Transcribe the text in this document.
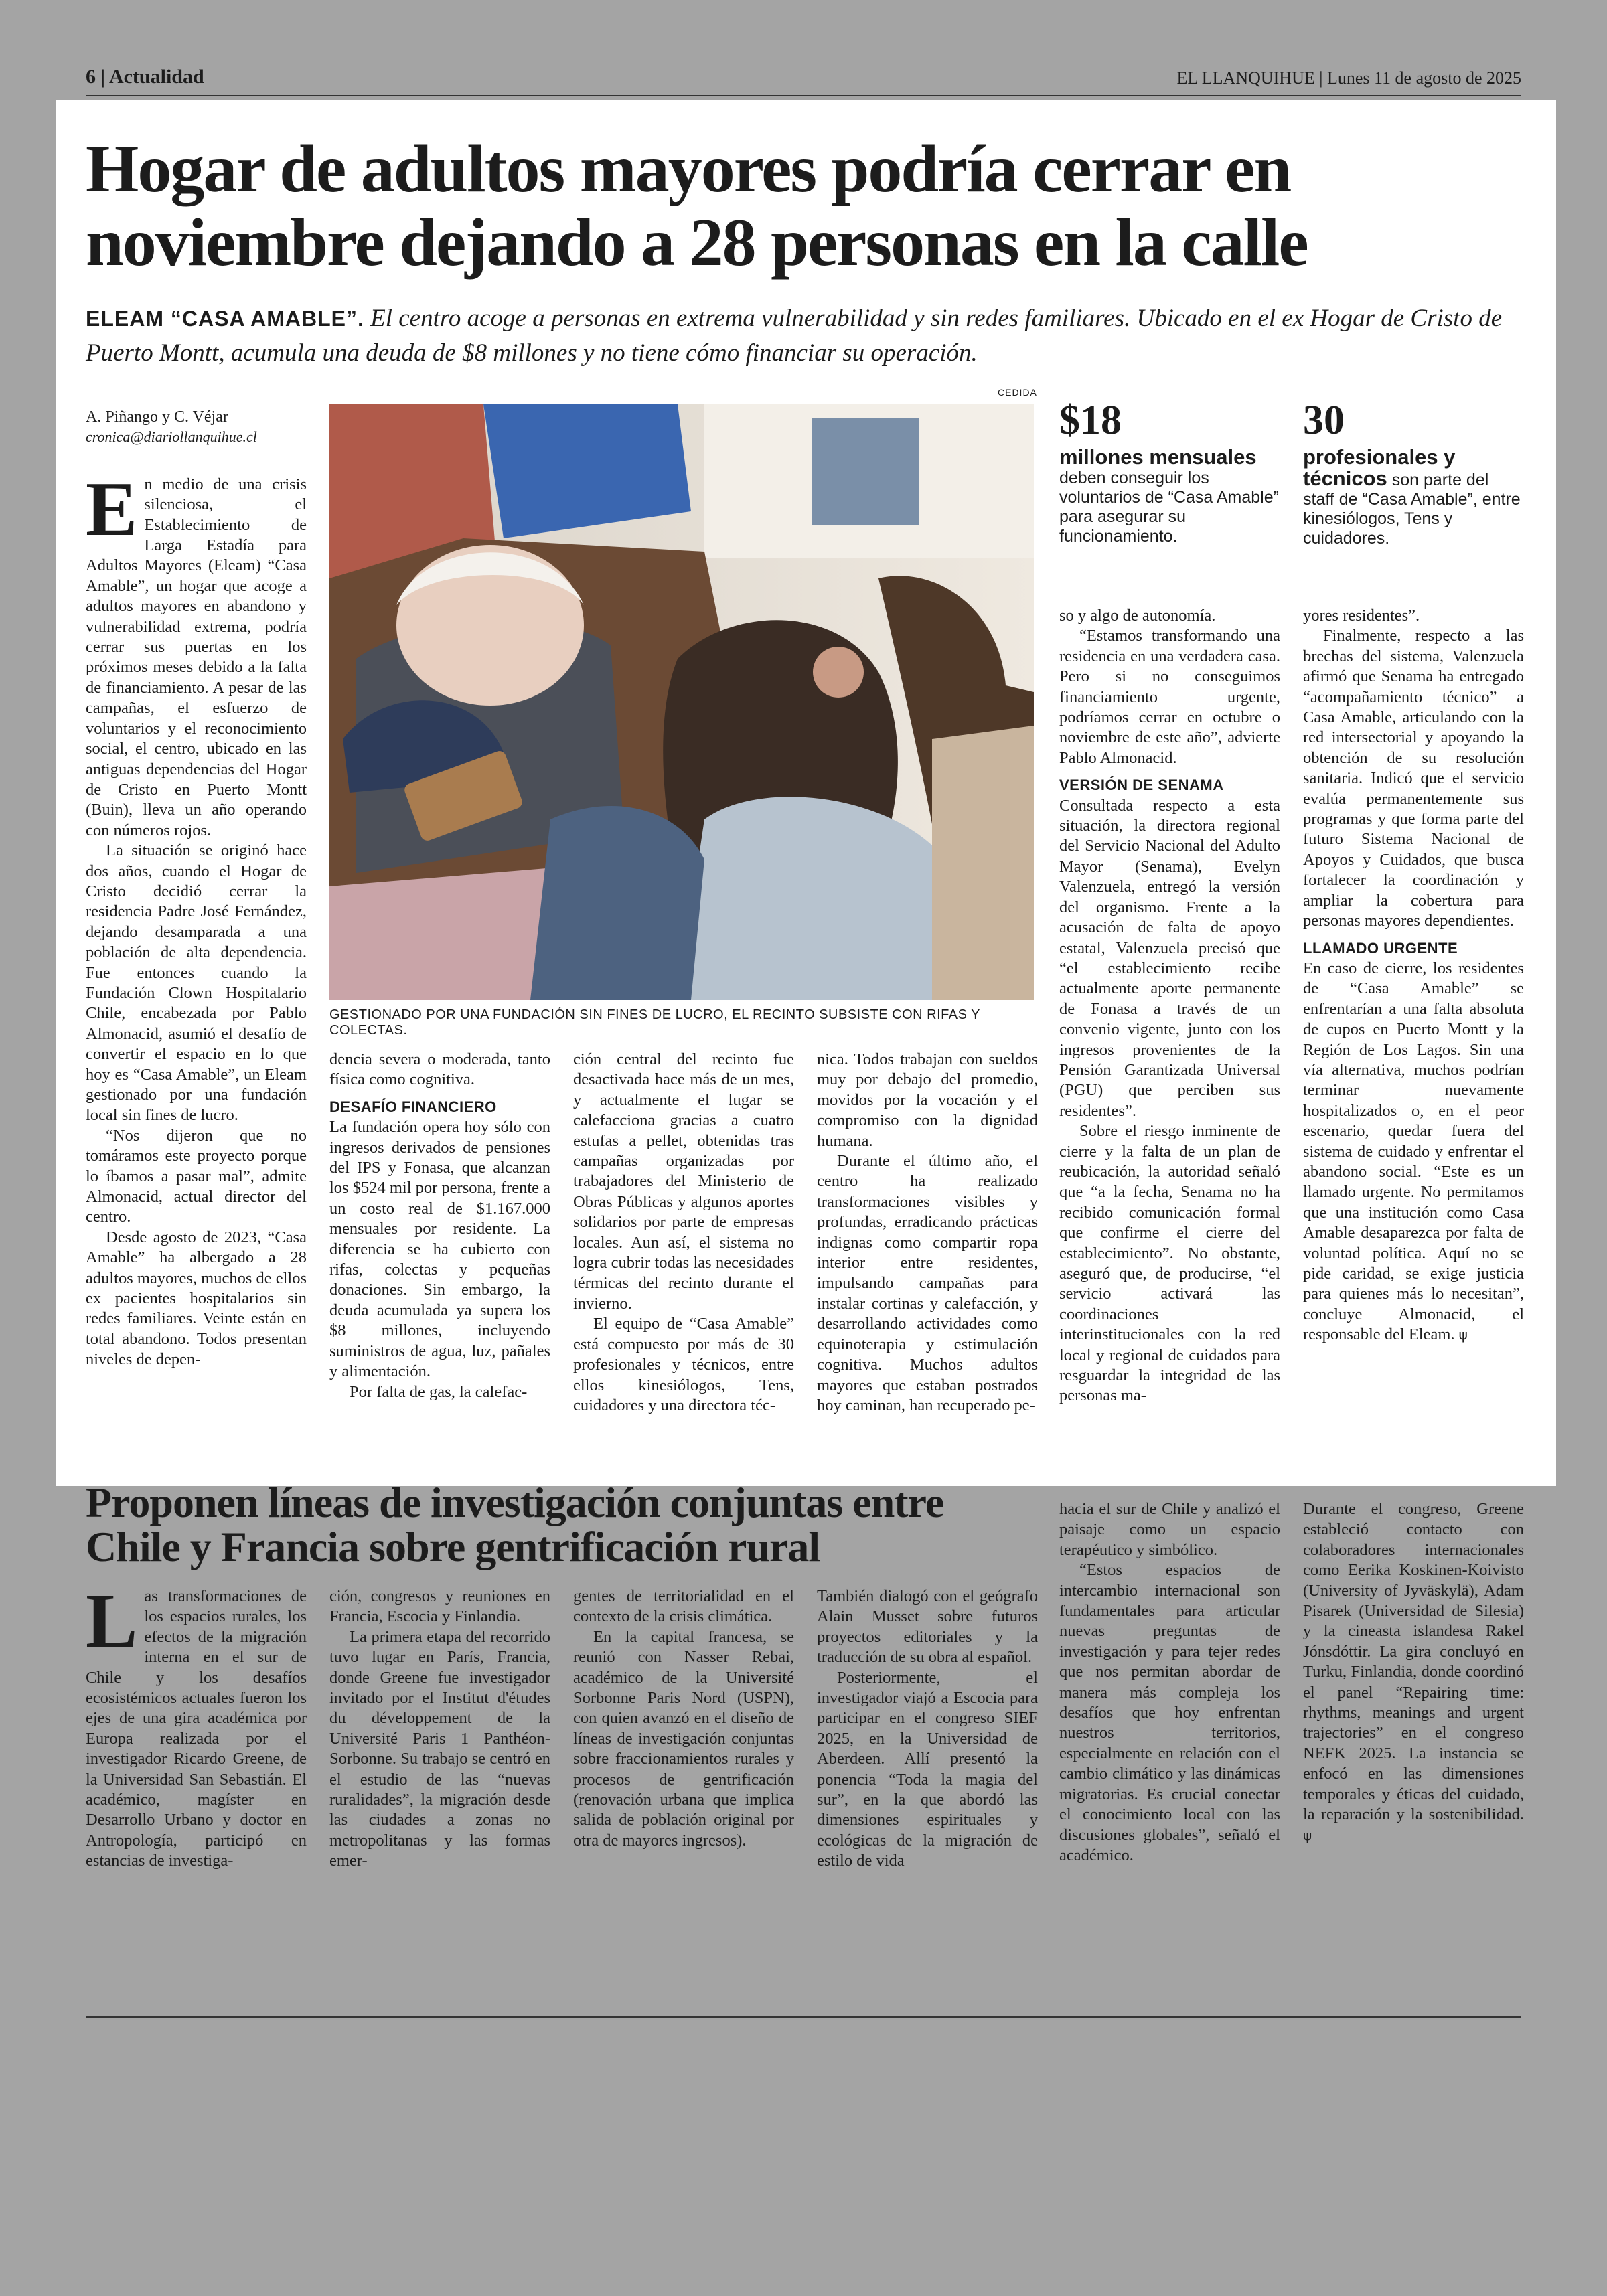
6 | Actualidad	EL LLANQUIHUE | Lunes 11 de agosto de 2025
Hogar de adultos mayores podría cerrar en noviembre dejando a 28 personas en la calle
ELEAM “CASA AMABLE”. El centro acoge a personas en extrema vulnerabilidad y sin redes familiares. Ubicado en el ex Hogar de Cristo de Puerto Montt, acumula una deuda de $8 millones y no tiene cómo financiar su operación.
A. Piñango y C. Véjar
cronica@diariollanquihue.cl

En medio de una crisis silenciosa, el Establecimiento de Larga Estadía para Adultos Mayores (Eleam) “Casa Amable”, un hogar que acoge a adultos mayores en abandono y vulnerabilidad extrema, podría cerrar sus puertas en los próximos meses debido a la falta de financiamiento. A pesar de las campañas, el esfuerzo de voluntarios y el reconocimiento social, el centro, ubicado en las antiguas dependencias del Hogar de Cristo en Puerto Montt (Buin), lleva un año operando con números rojos.

La situación se originó hace dos años, cuando el Hogar de Cristo decidió cerrar la residencia Padre José Fernández, dejando desamparada a una población de alta dependencia. Fue entonces cuando la Fundación Clown Hospitalario Chile, encabezada por Pablo Almonacid, asumió el desafío de convertir el espacio en lo que hoy es “Casa Amable”, un Eleam gestionado por una fundación local sin fines de lucro.

“Nos dijeron que no tomáramos este proyecto porque lo íbamos a pasar mal”, admite Almonacid, actual director del centro.

Desde agosto de 2023, “Casa Amable” ha albergado a 28 adultos mayores, muchos de ellos ex pacientes hospitalarios sin redes familiares. Veinte están en total abandono. Todos presentan niveles de depen-

CEDIDA
GESTIONADO POR UNA FUNDACIÓN SIN FINES DE LUCRO, EL RECINTO SUBSISTE CON RIFAS Y COLECTAS.

dencia severa o moderada, tanto física como cognitiva.

DESAFÍO FINANCIERO

La fundación opera hoy sólo con ingresos derivados de pensiones del IPS y Fonasa, que alcanzan los $524 mil por persona, frente a un costo real de $1.167.000 mensuales por residente. La diferencia se ha cubierto con rifas, colectas y pequeñas donaciones. Sin embargo, la deuda acumulada ya supera los $8 millones, incluyendo suministros de agua, luz, pañales y alimentación.

Por falta de gas, la calefac-

ción central del recinto fue desactivada hace más de un mes, y actualmente el lugar se calefacciona gracias a cuatro estufas a pellet, obtenidas tras campañas organizadas por trabajadores del Ministerio de Obras Públicas y algunos aportes solidarios por parte de empresas locales. Aun así, el sistema no logra cubrir todas las necesidades térmicas del recinto durante el invierno.

El equipo de “Casa Amable” está compuesto por más de 30 profesionales y técnicos, entre ellos kinesiólogos, Tens, cuidadores y una directora téc-

nica. Todos trabajan con sueldos muy por debajo del promedio, movidos por la vocación y el compromiso con la dignidad humana.

Durante el último año, el centro ha realizado transformaciones visibles y profundas, erradicando prácticas indignas como compartir ropa interior entre residentes, impulsando campañas para instalar cortinas y calefacción, y desarrollando actividades como equinoterapia y estimulación cognitiva. Muchos adultos mayores que estaban postrados hoy caminan, han recuperado pe-

$18
millones mensuales
deben conseguir los voluntarios de “Casa Amable” para asegurar su funcionamiento.
30
profesionales y técnicos son parte del staff de “Casa Amable”, entre kinesiólogos, Tens y cuidadores.

so y algo de autonomía.

“Estamos transformando una residencia en una verdadera casa. Pero si no conseguimos financiamiento urgente, podríamos cerrar en octubre o noviembre de este año”, advierte Pablo Almonacid.

VERSIÓN DE SENAMA

Consultada respecto a esta situación, la directora regional del Servicio Nacional del Adulto Mayor (Senama), Evelyn Valenzuela, entregó la versión del organismo. Frente a la acusación de falta de apoyo estatal, Valenzuela precisó que “el establecimiento recibe actualmente aporte permanente de Fonasa a través de un convenio vigente, junto con los ingresos provenientes de la Pensión Garantizada Universal (PGU) que perciben sus residentes”.

Sobre el riesgo inminente de cierre y la falta de un plan de reubicación, la autoridad señaló que “a la fecha, Senama no ha recibido comunicación formal que confirme el cierre del establecimiento”. No obstante, aseguró que, de producirse, “el servicio activará las coordinaciones interinstitucionales con la red local y regional de cuidados para resguardar la integridad de las personas ma-

yores residentes”.

Finalmente, respecto a las brechas del sistema, Valenzuela afirmó que Senama ha entregado “acompañamiento técnico” a Casa Amable, articulando con la red intersectorial y apoyando la obtención de su resolución sanitaria. Indicó que el servicio evalúa permanentemente sus programas y que forma parte del futuro Sistema Nacional de Apoyos y Cuidados, que busca fortalecer la coordinación y ampliar la cobertura para personas mayores dependientes.

LLAMADO URGENTE

En caso de cierre, los residentes de “Casa Amable” se enfrentarían a una falta absoluta de cupos en Puerto Montt y la Región de Los Lagos. Sin una vía alternativa, muchos podrían terminar nuevamente hospitalizados o, en el peor escenario, quedar fuera del sistema de cuidado y enfrentar el abandono social. “Este es un llamado urgente. No permitamos que una institución como Casa Amable desaparezca por falta de voluntad política. Aquí no se pide caridad, se exige justicia para quienes más lo necesitan”, concluye Almonacid, el responsable del Eleam. ψ

Proponen líneas de investigación conjuntas entre Chile y Francia sobre gentrificación rural

Las transformaciones de los espacios rurales, los efectos de la migración interna en el sur de Chile y los desafíos ecosistémicos actuales fueron los ejes de una gira académica por Europa realizada por el investigador Ricardo Greene, de la Universidad San Sebastián. El académico, magíster en Desarrollo Urbano y doctor en Antropología, participó en estancias de investiga-

ción, congresos y reuniones en Francia, Escocia y Finlandia.

La primera etapa del recorrido tuvo lugar en París, Francia, donde Greene fue investigador invitado por el Institut d'études du développement de la Université Paris 1 Panthéon-Sorbonne. Su trabajo se centró en el estudio de las “nuevas ruralidades”, la migración desde las ciudades a zonas no metropolitanas y las formas emer-

gentes de territorialidad en el contexto de la crisis climática.

En la capital francesa, se reunió con Nasser Rebai, académico de la Université Sorbonne Paris Nord (USPN), con quien avanzó en el diseño de líneas de investigación conjuntas sobre fraccionamientos rurales y procesos de gentrificación (renovación urbana que implica salida de población original por otra de mayores ingresos).

También dialogó con el geógrafo Alain Musset sobre futuros proyectos editoriales y la traducción de su obra al español.

Posteriormente, el investigador viajó a Escocia para participar en el congreso SIEF 2025, en la Universidad de Aberdeen. Allí presentó la ponencia “Toda la magia del sur”, en la que abordó las dimensiones espirituales y ecológicas de la migración de estilo de vida

hacia el sur de Chile y analizó el paisaje como un espacio terapéutico y simbólico.

“Estos espacios de intercambio internacional son fundamentales para articular nuevas preguntas de investigación y para tejer redes que nos permitan abordar de manera más compleja los desafíos que hoy enfrentan nuestros territorios, especialmente en relación con el cambio climático y las dinámicas migratorias. Es crucial conectar el conocimiento local con las discusiones globales”, señaló el académico.

Durante el congreso, Greene estableció contacto con colaboradores internacionales como Eerika Koskinen-Koivisto (University of Jyväskylä), Adam Pisarek (Universidad de Silesia) y la cineasta islandesa Rakel Jónsdóttir. La gira concluyó en Turku, Finlandia, donde coordinó el panel “Repairing time: rhythms, meanings and urgent trajectories” en el congreso NEFK 2025. La instancia se enfocó en las dimensiones temporales y éticas del cuidado, la reparación y la sostenibilidad. ψ
